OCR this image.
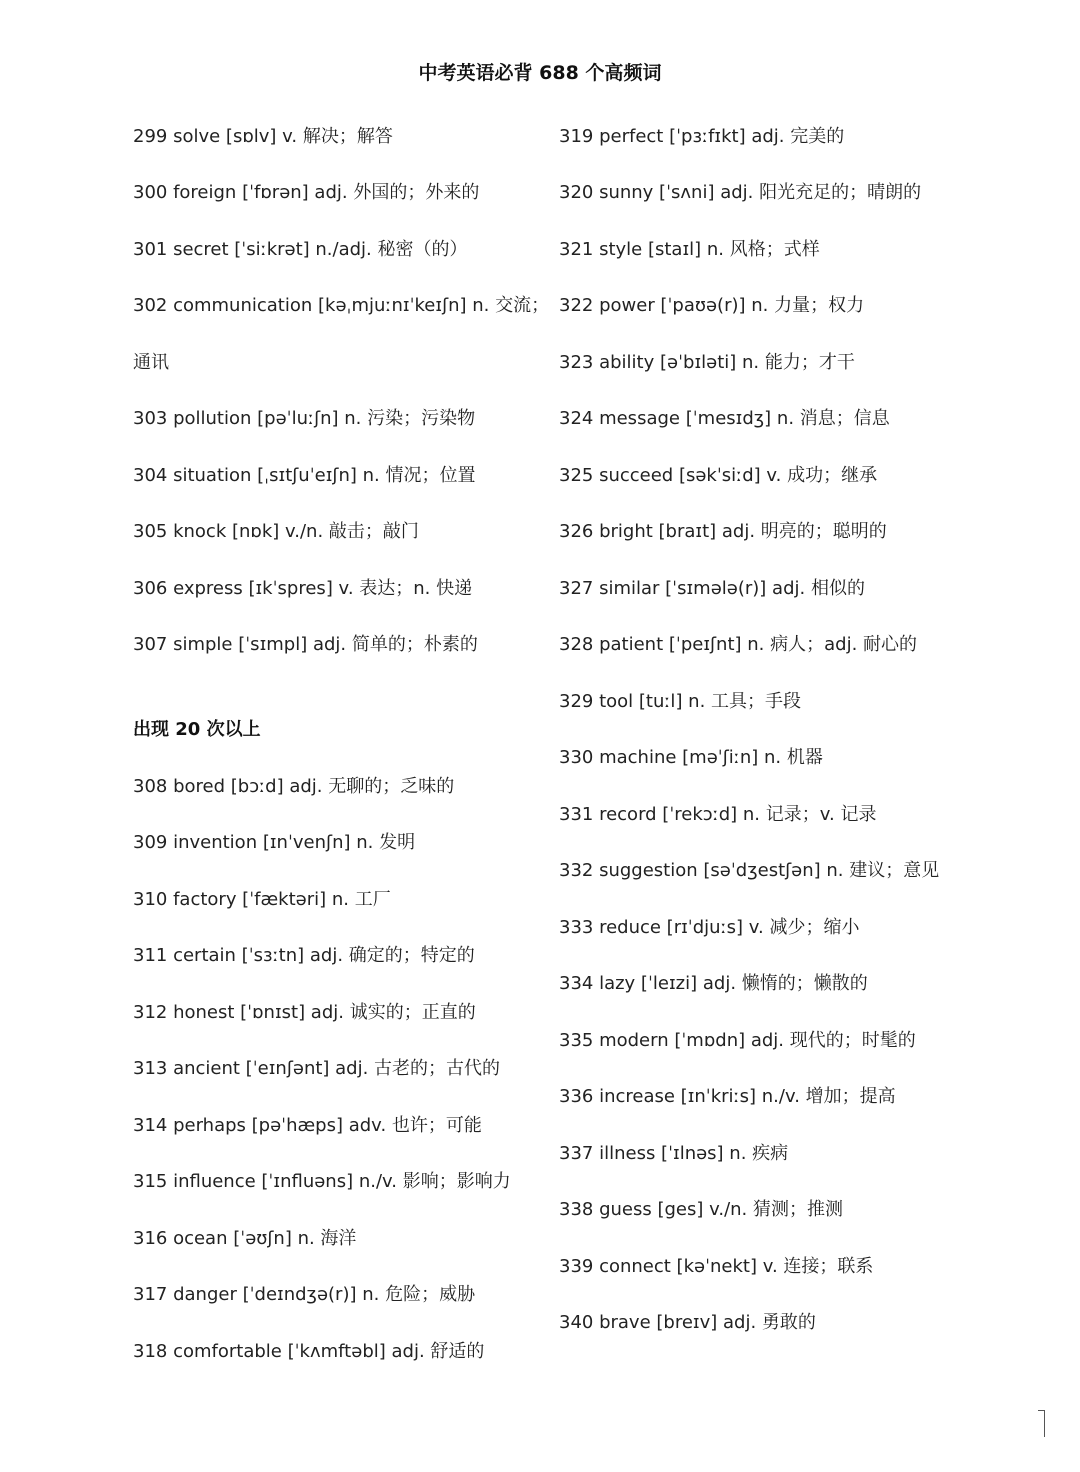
中考英语必背 688 个高频词
299 solve [sɒlv] v. 解决；解答
300 foreign [ˈfɒrən] adj. 外国的；外来的
301 secret [ˈsiːkrət] n./adj. 秘密（的）
302 communication [kəˌmjuːnɪˈkeɪʃn] n. 交流；
通讯
303 pollution [pəˈluːʃn] n. 污染；污染物
304 situation [ˌsɪtʃuˈeɪʃn] n. 情况；位置
305 knock [nɒk] v./n. 敲击；敲门
306 express [ɪkˈspres] v. 表达；n. 快递
307 simple [ˈsɪmpl] adj. 简单的；朴素的
出现 20 次以上
308 bored [bɔːd] adj. 无聊的；乏味的
309 invention [ɪnˈvenʃn] n. 发明
310 factory [ˈfæktəri] n. 工厂
311 certain [ˈsɜːtn] adj. 确定的；特定的
312 honest [ˈɒnɪst] adj. 诚实的；正直的
313 ancient [ˈeɪnʃənt] adj. 古老的；古代的
314 perhaps [pəˈhæps] adv. 也许；可能
315 influence [ˈɪnfluəns] n./v. 影响；影响力
316 ocean [ˈəʊʃn] n. 海洋
317 danger [ˈdeɪndʒə(r)] n. 危险；威胁
318 comfortable [ˈkʌmftəbl] adj. 舒适的
319 perfect [ˈpɜːfɪkt] adj. 完美的
320 sunny [ˈsʌni] adj. 阳光充足的；晴朗的
321 style [staɪl] n. 风格；式样
322 power [ˈpaʊə(r)] n. 力量；权力
323 ability [əˈbɪləti] n. 能力；才干
324 message [ˈmesɪdʒ] n. 消息；信息
325 succeed [səkˈsiːd] v. 成功；继承
326 bright [braɪt] adj. 明亮的；聪明的
327 similar [ˈsɪmələ(r)] adj. 相似的
328 patient [ˈpeɪʃnt] n. 病人；adj. 耐心的
329 tool [tuːl] n. 工具；手段
330 machine [məˈʃiːn] n. 机器
331 record [ˈrekɔːd] n. 记录；v. 记录
332 suggestion [səˈdʒestʃən] n. 建议；意见
333 reduce [rɪˈdjuːs] v. 减少；缩小
334 lazy [ˈleɪzi] adj. 懒惰的；懒散的
335 modern [ˈmɒdn] adj. 现代的；时髦的
336 increase [ɪnˈkriːs] n./v. 增加；提高
337 illness [ˈɪlnəs] n. 疾病
338 guess [ges] v./n. 猜测；推测
339 connect [kəˈnekt] v. 连接；联系
340 brave [breɪv] adj. 勇敢的
